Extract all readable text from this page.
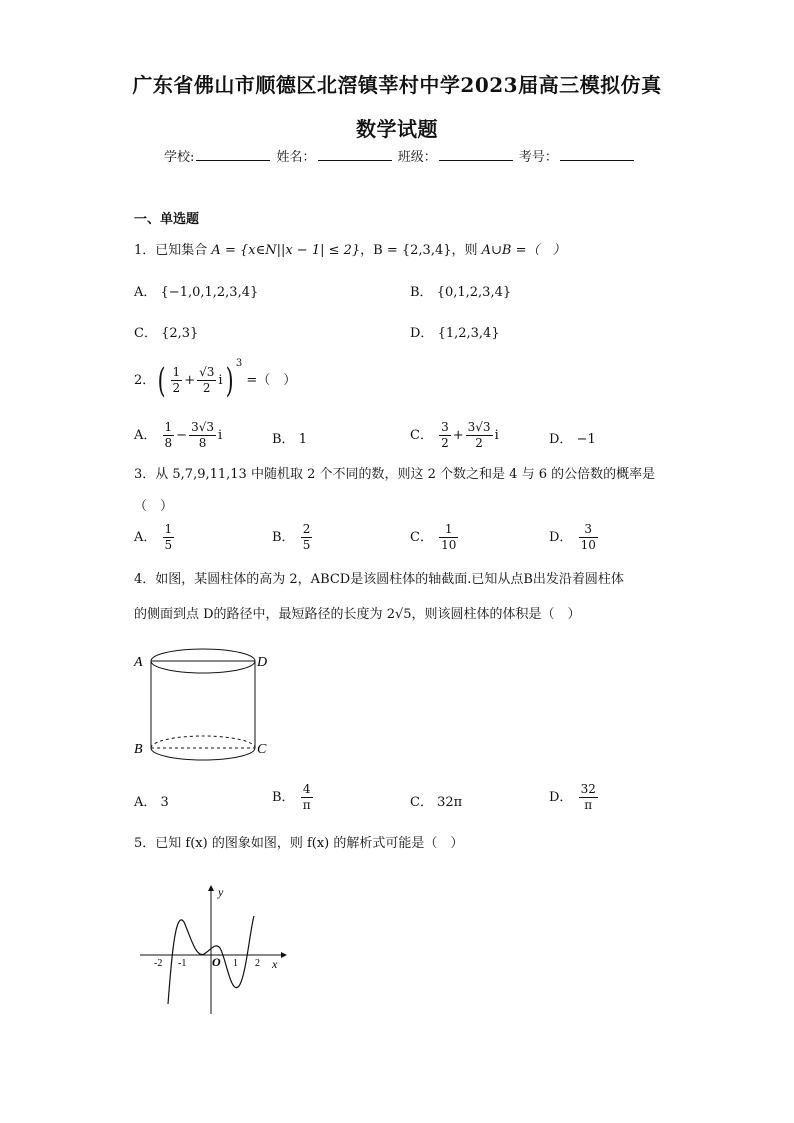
广东省佛山市顺德区北滘镇莘村中学2023届高三模拟仿真
数学试题
学校:	姓名：	班级：	考号：
一、单选题
1．已知集合 A = {x∈N||x − 1| ≤ 2}，B = {2,3,4}，则 A∪B =（　）
A． {−1,0,1,2,3,4}	B． {0,1,2,3,4}
C． {2,3}	D． {1,2,3,4}
2．( $\frac{1}{2} + \frac{√3}{2} i$) $^3$ =（　）
A． $\frac{1}{8} - \frac{3√3}{8}$ i	B． 1	C． $\frac{3}{2} + \frac{3√3}{2}$ i	D． −1
3．从 5,7,9,11,13 中随机取 2 个不同的数，则这 2 个数之和是 4 与 6 的公倍数的概率是
（　）
A． $\frac{1}{5}$	B． $\frac{2}{5}$	C． $\frac{1}{10}$	D． $\frac{3}{10}$
4．如图，某圆柱体的高为 2，ABCD是该圆柱体的轴截面.已知从点B出发沿着圆柱体
的侧面到点 D的路径中，最短路径的长度为 2√5，则该圆柱体的体积是（　）
A
B	C
D
A． 3	B． $\frac{4}{\pi}$	C． 32π	D． $\frac{32}{\pi}$
5．已知 f(x) 的图象如图，则 f(x) 的解析式可能是（　）
y
x
O
-2 -1	1 2
